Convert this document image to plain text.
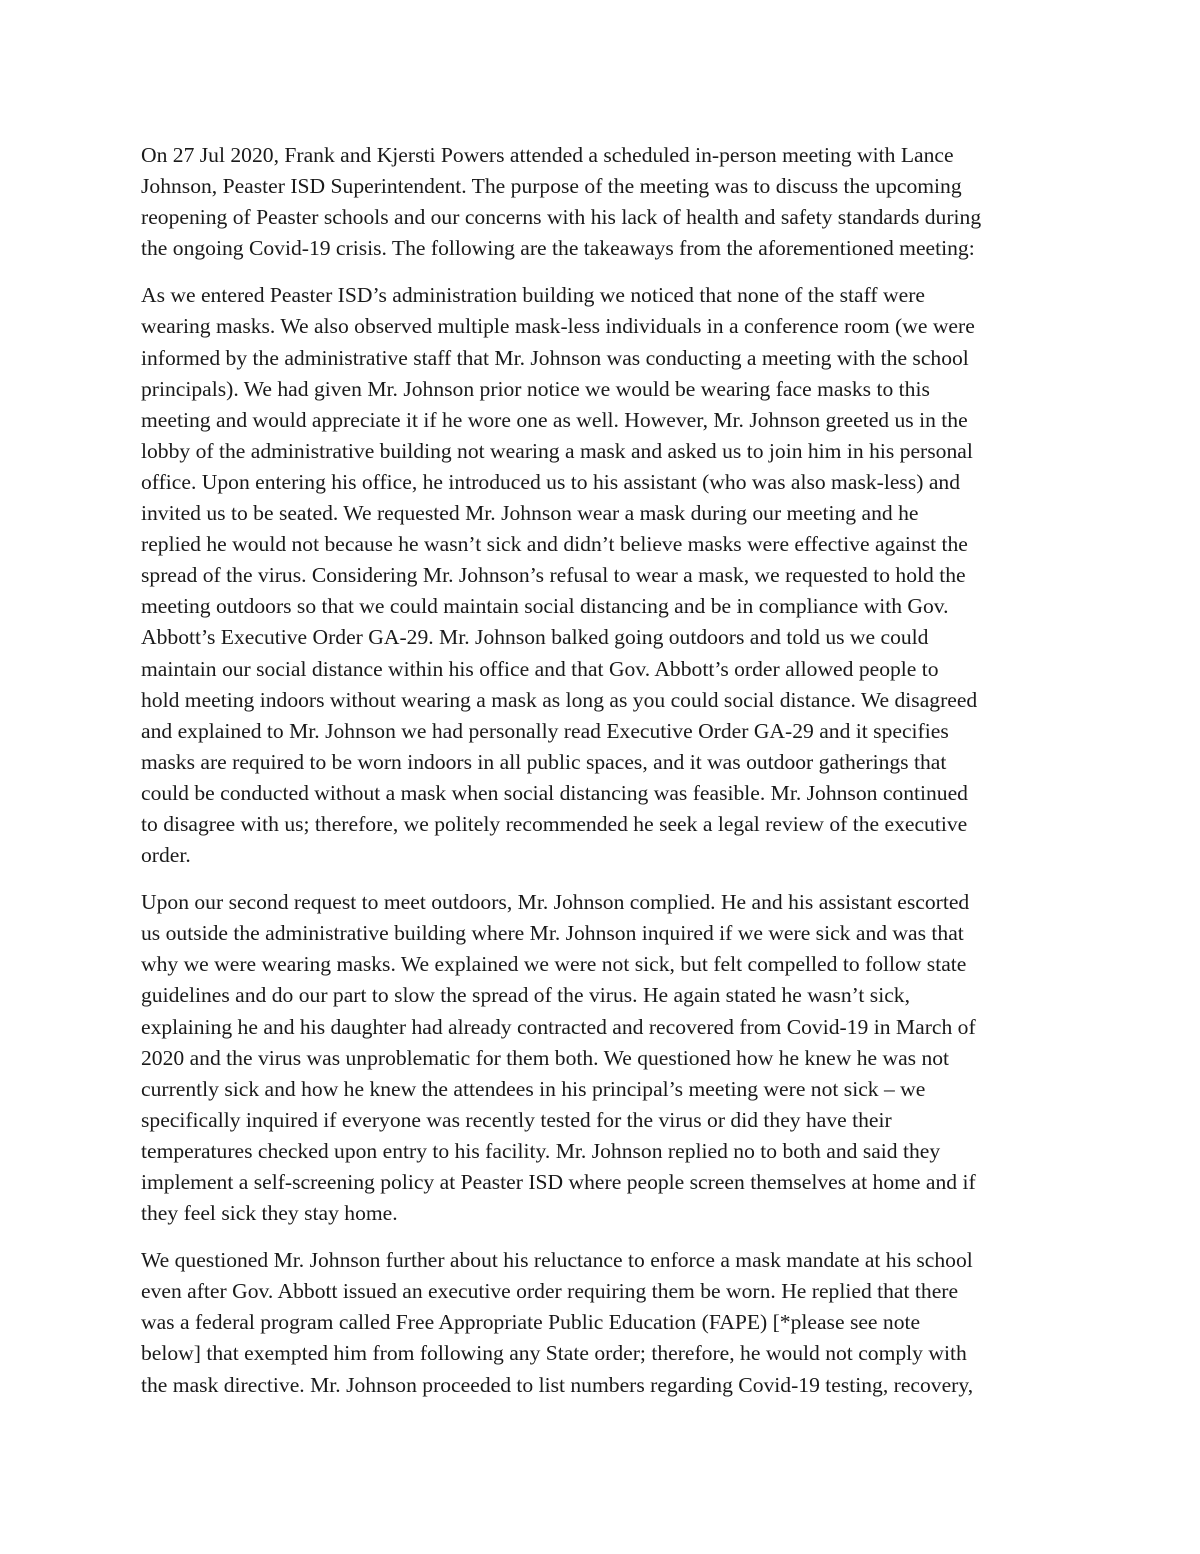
On 27 Jul 2020, Frank and Kjersti Powers attended a scheduled in-person meeting with Lance
Johnson, Peaster ISD Superintendent. The purpose of the meeting was to discuss the upcoming
reopening of Peaster schools and our concerns with his lack of health and safety standards during
the ongoing Covid-19 crisis. The following are the takeaways from the aforementioned meeting:

As we entered Peaster ISD’s administration building we noticed that none of the staff were
wearing masks. We also observed multiple mask-less individuals in a conference room (we were
informed by the administrative staff that Mr. Johnson was conducting a meeting with the school
principals). We had given Mr. Johnson prior notice we would be wearing face masks to this
meeting and would appreciate it if he wore one as well. However, Mr. Johnson greeted us in the
lobby of the administrative building not wearing a mask and asked us to join him in his personal
office. Upon entering his office, he introduced us to his assistant (who was also mask-less) and
invited us to be seated. We requested Mr. Johnson wear a mask during our meeting and he
replied he would not because he wasn’t sick and didn’t believe masks were effective against the
spread of the virus. Considering Mr. Johnson’s refusal to wear a mask, we requested to hold the
meeting outdoors so that we could maintain social distancing and be in compliance with Gov.
Abbott’s Executive Order GA-29. Mr. Johnson balked going outdoors and told us we could
maintain our social distance within his office and that Gov. Abbott’s order allowed people to
hold meeting indoors without wearing a mask as long as you could social distance. We disagreed
and explained to Mr. Johnson we had personally read Executive Order GA-29 and it specifies
masks are required to be worn indoors in all public spaces, and it was outdoor gatherings that
could be conducted without a mask when social distancing was feasible. Mr. Johnson continued
to disagree with us; therefore, we politely recommended he seek a legal review of the executive
order.

Upon our second request to meet outdoors, Mr. Johnson complied. He and his assistant escorted
us outside the administrative building where Mr. Johnson inquired if we were sick and was that
why we were wearing masks. We explained we were not sick, but felt compelled to follow state
guidelines and do our part to slow the spread of the virus. He again stated he wasn’t sick,
explaining he and his daughter had already contracted and recovered from Covid-19 in March of
2020 and the virus was unproblematic for them both. We questioned how he knew he was not
currently sick and how he knew the attendees in his principal’s meeting were not sick – we
specifically inquired if everyone was recently tested for the virus or did they have their
temperatures checked upon entry to his facility. Mr. Johnson replied no to both and said they
implement a self-screening policy at Peaster ISD where people screen themselves at home and if
they feel sick they stay home.

We questioned Mr. Johnson further about his reluctance to enforce a mask mandate at his school
even after Gov. Abbott issued an executive order requiring them be worn. He replied that there
was a federal program called Free Appropriate Public Education (FAPE) [*please see note
below] that exempted him from following any State order; therefore, he would not comply with
the mask directive. Mr. Johnson proceeded to list numbers regarding Covid-19 testing, recovery,
